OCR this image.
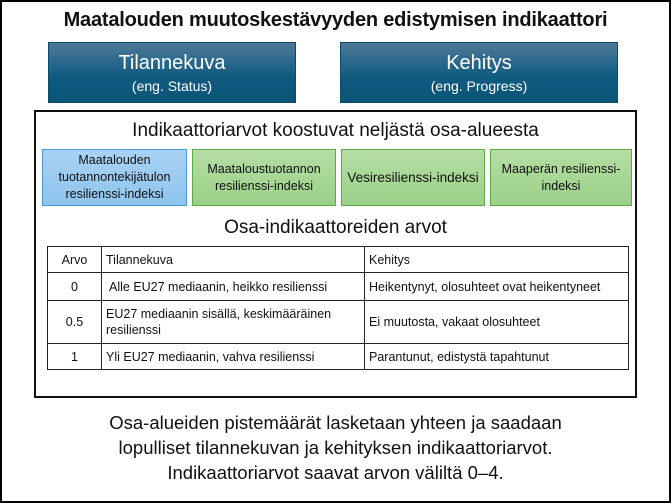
Maatalouden muutoskestävyyden edistymisen indikaattori
Tilannekuva
(eng. Status)
Kehitys
(eng. Progress)
Indikaattoriarvot koostuvat neljästä osa-alueesta
Maatalouden tuotannontekijätulon resilienssi-indeksi
Maataloustuotannon resilienssi-indeksi
Vesiresilienssi-indeksi
Maaperän resilienssi-indeksi
Osa-indikaattoreiden arvot
Arvo	Tilannekuva	Kehitys
0	Alle EU27 mediaanin, heikko resilienssi	Heikentynyt, olosuhteet ovat heikentyneet
0.5	EU27 mediaanin sisällä, keskimääräinen resilienssi	Ei muutosta, vakaat olosuhteet
1	Yli EU27 mediaanin, vahva resilienssi	Parantunut, edistystä tapahtunut
Osa-alueiden pistemäärät lasketaan yhteen ja saadaan
lopulliset tilannekuvan ja kehityksen indikaattoriarvot.
Indikaattoriarvot saavat arvon väliltä 0–4.
